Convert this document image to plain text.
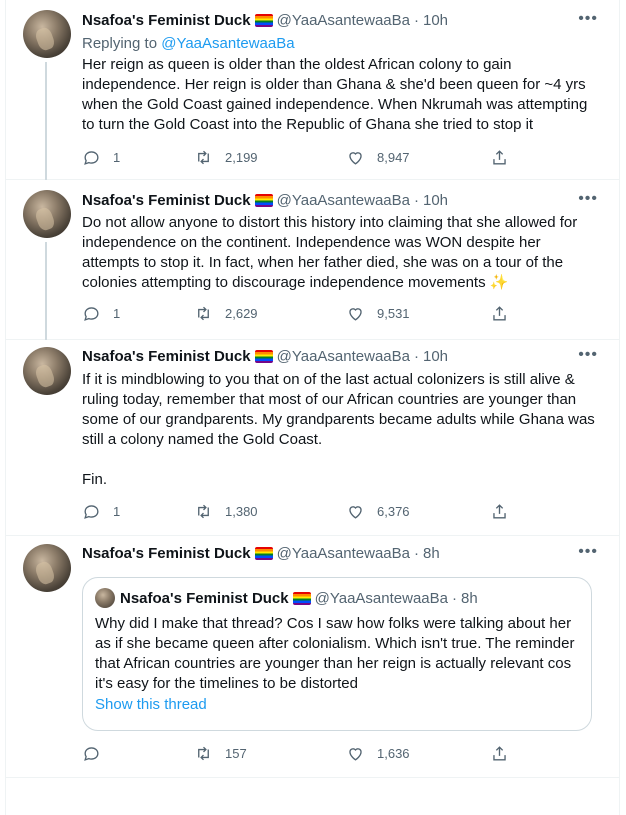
Nsafoa's Feminist Duck @YaaAsantewaaBa · 10h	•••
Replying to @YaaAsantewaaBa
Her reign as queen is older than the oldest African colony to gain independence. Her reign is older than Ghana & she'd been queen for ~4 yrs when the Gold Coast gained independence. When Nkrumah was attempting to turn the Gold Coast into the Republic of Ghana she tried to stop it
1	2,199	8,947
Nsafoa's Feminist Duck @YaaAsantewaaBa · 10h	•••
Do not allow anyone to distort this history into claiming that she allowed for independence on the continent. Independence was WON despite her attempts to stop it. In fact, when her father died, she was on a tour of the colonies attempting to discourage independence movements ✨
1	2,629	9,531
Nsafoa's Feminist Duck @YaaAsantewaaBa · 10h	•••
If it is mindblowing to you that on of the last actual colonizers is still alive & ruling today, remember that most of our African countries are younger than some of our grandparents. My grandparents became adults while Ghana was still a colony named the Gold Coast.
Fin.
1	1,380	6,376
Nsafoa's Feminist Duck @YaaAsantewaaBa · 8h	•••
Nsafoa's Feminist Duck @YaaAsantewaaBa · 8h
Why did I make that thread? Cos I saw how folks were talking about her as if she became queen after colonialism. Which isn't true. The reminder that African countries are younger than her reign is actually relevant cos it's easy for the timelines to be distorted
Show this thread
157	1,636
